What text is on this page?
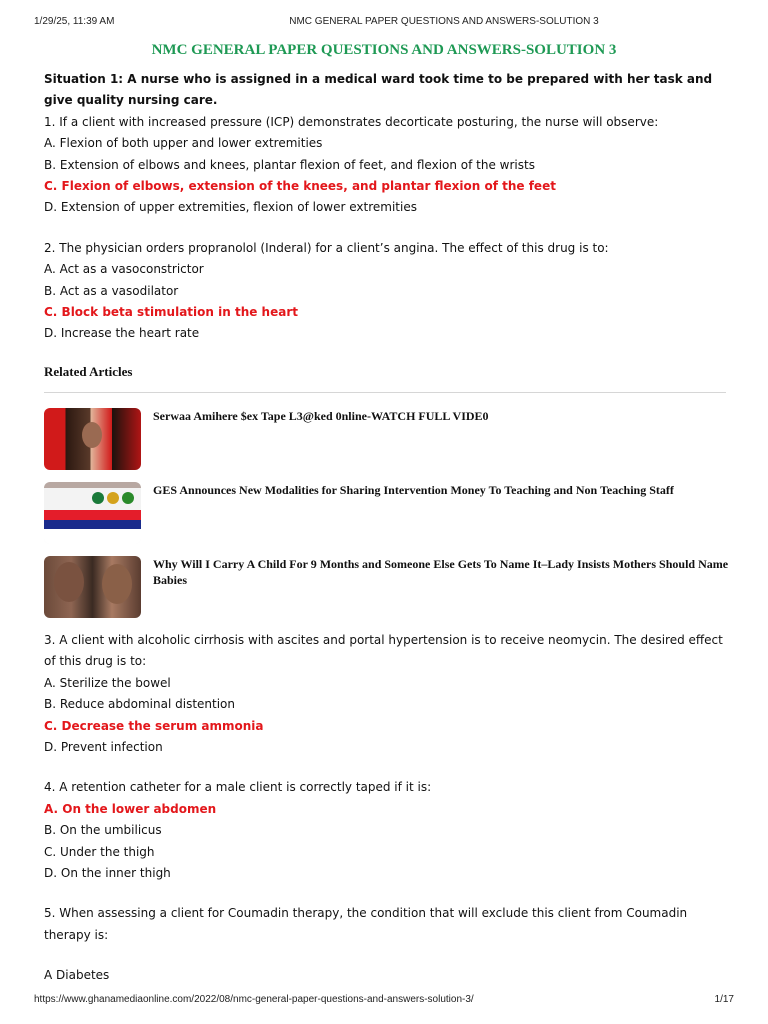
1/29/25, 11:39 AM	NMC GENERAL PAPER QUESTIONS AND ANSWERS-SOLUTION 3
NMC GENERAL PAPER QUESTIONS AND ANSWERS-SOLUTION 3

Situation 1: A nurse who is assigned in a medical ward took time to be prepared with her task and give quality nursing care.

1. If a client with increased pressure (ICP) demonstrates decorticate posturing, the nurse will observe:

A. Flexion of both upper and lower extremities

B. Extension of elbows and knees, plantar flexion of feet, and flexion of the wrists

C. Flexion of elbows, extension of the knees, and plantar flexion of the feet

D. Extension of upper extremities, flexion of lower extremities

2. The physician orders propranolol (Inderal) for a client’s angina. The effect of this drug is to:

A. Act as a vasoconstrictor

B. Act as a vasodilator

C. Block beta stimulation in the heart

D. Increase the heart rate

Related Articles
Serwaa Amihere $ex Tape L3@ked 0nline-WATCH FULL VIDE0
GES Announces New Modalities for Sharing Intervention Money To Teaching and Non Teaching Staff
Why Will I Carry A Child For 9 Months and Someone Else Gets To Name It–Lady Insists Mothers Should Name Babies

3. A client with alcoholic cirrhosis with ascites and portal hypertension is to receive neomycin. The desired effect of this drug is to:

A. Sterilize the bowel

B. Reduce abdominal distention

C. Decrease the serum ammonia

D. Prevent infection

4. A retention catheter for a male client is correctly taped if it is:

A. On the lower abdomen

B. On the umbilicus

C. Under the thigh

D. On the inner thigh

5. When assessing a client for Coumadin therapy, the condition that will exclude this client from Coumadin therapy is:

A Diabetes

https://www.ghanamediaonline.com/2022/08/nmc-general-paper-questions-and-answers-solution-3/	1/17
